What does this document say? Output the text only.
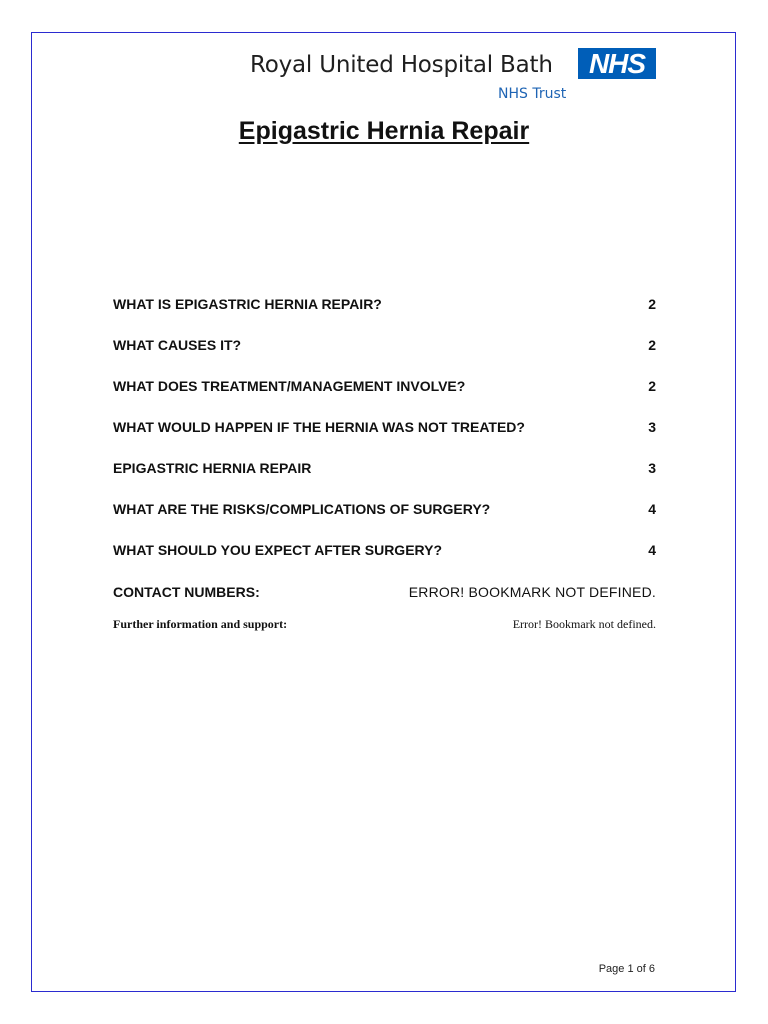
Royal United Hospital Bath
NHS Trust
NHS
Epigastric Hernia Repair
WHAT IS EPIGASTRIC HERNIA REPAIR?	2
WHAT CAUSES IT?	2
WHAT DOES TREATMENT/MANAGEMENT INVOLVE?	2
WHAT WOULD HAPPEN IF THE HERNIA WAS NOT TREATED?	3
EPIGASTRIC HERNIA REPAIR	3
WHAT ARE THE RISKS/COMPLICATIONS OF SURGERY?	4
WHAT SHOULD YOU EXPECT AFTER SURGERY?	4
CONTACT NUMBERS:	ERROR! BOOKMARK NOT DEFINED.
Further information and support:	Error! Bookmark not defined.
Page 1 of 6
